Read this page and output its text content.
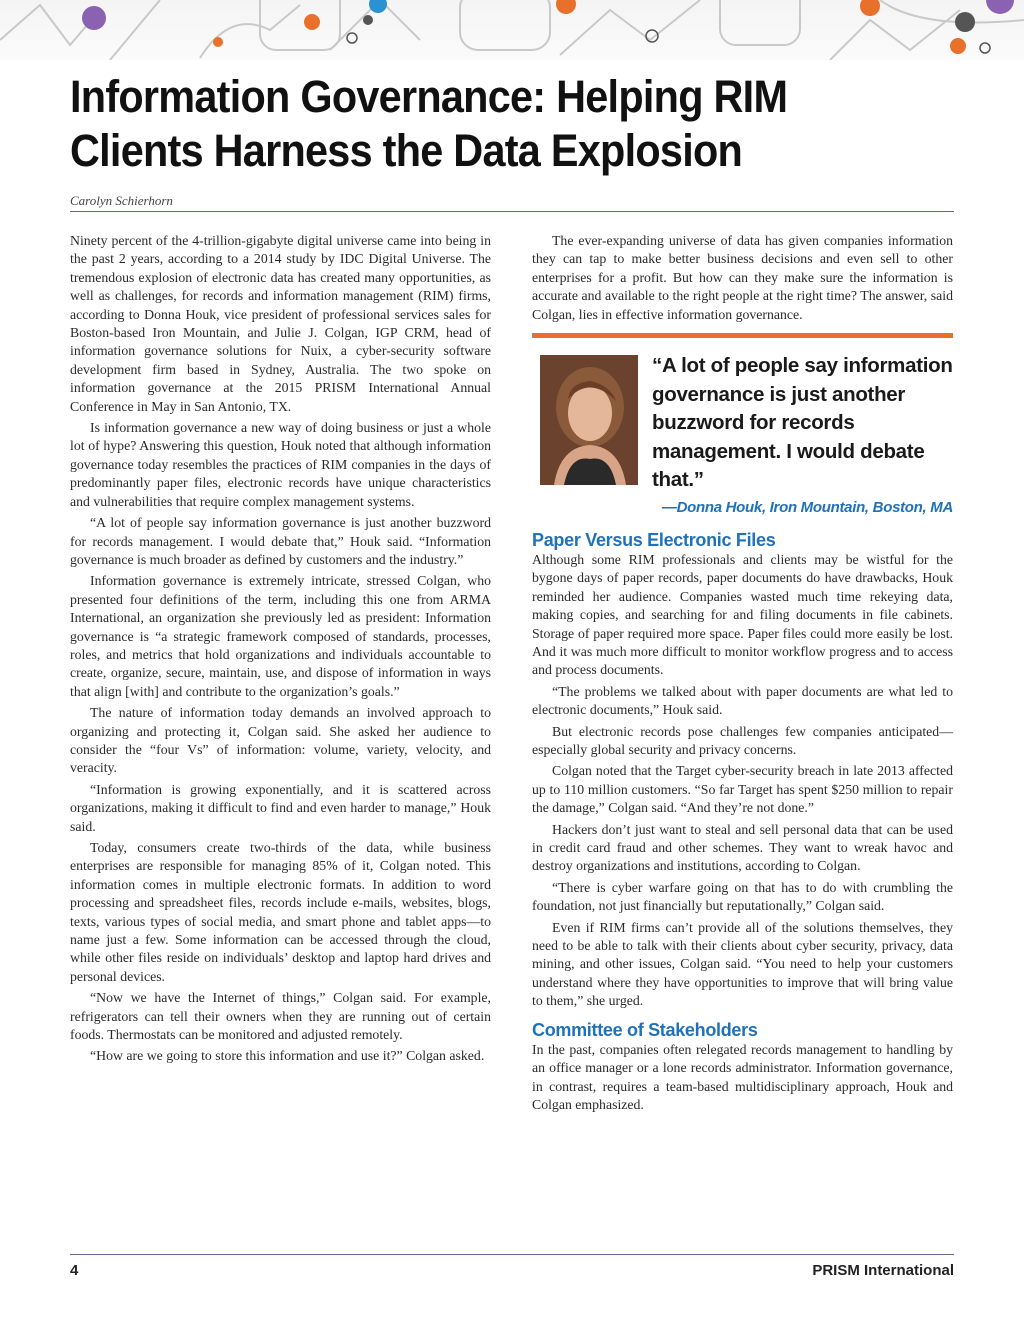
Information Governance: Helping RIM
Clients Harness the Data Explosion
Carolyn Schierhorn

Ninety percent of the 4-trillion-gigabyte digital universe came into being in the past 2 years, according to a 2014 study by IDC Digital Universe. The tremendous explosion of electronic data has created many opportunities, as well as challenges, for records and information management (RIM) firms, according to Donna Houk, vice president of professional services sales for Boston-based Iron Mountain, and Julie J. Colgan, IGP CRM, head of information governance solutions for Nuix, a cyber-security software development firm based in Sydney, Australia. The two spoke on information governance at the 2015 PRISM International Annual Conference in May in San Antonio, TX.

Is information governance a new way of doing business or just a whole lot of hype? Answering this question, Houk noted that although information governance today resembles the practices of RIM companies in the days of predominantly paper files, electronic records have unique characteristics and vulnerabilities that require complex management systems.

“A lot of people say information governance is just another buzzword for records management. I would debate that,” Houk said. “Information governance is much broader as defined by customers and the industry.”

Information governance is extremely intricate, stressed Colgan, who presented four definitions of the term, including this one from ARMA International, an organization she previously led as president: Information governance is “a strategic framework composed of standards, processes, roles, and metrics that hold organizations and individuals accountable to create, organize, secure, maintain, use, and dispose of information in ways that align [with] and contribute to the organization’s goals.”

The nature of information today demands an involved approach to organizing and protecting it, Colgan said. She asked her audience to consider the “four Vs” of information: volume, variety, velocity, and veracity.

“Information is growing exponentially, and it is scattered across organizations, making it difficult to find and even harder to manage,” Houk said.

Today, consumers create two-thirds of the data, while business enterprises are responsible for managing 85% of it, Colgan noted. This information comes in multiple electronic formats. In addition to word processing and spreadsheet files, records include e-mails, websites, blogs, texts, various types of social media, and smart phone and tablet apps—to name just a few. Some information can be accessed through the cloud, while other files reside on individuals’ desktop and laptop hard drives and personal devices.

“Now we have the Internet of things,” Colgan said. For example, refrigerators can tell their owners when they are running out of certain foods. Thermostats can be monitored and adjusted remotely.

“How are we going to store this information and use it?” Colgan asked.

The ever-expanding universe of data has given companies information they can tap to make better business decisions and even sell to other enterprises for a profit. But how can they make sure the information is accurate and available to the right people at the right time? The answer, said Colgan, lies in effective information governance.

“A lot of people say information governance is just another buzzword for records management. I would debate that.”
—Donna Houk, Iron Mountain, Boston, MA
Paper Versus Electronic Files

Although some RIM professionals and clients may be wistful for the bygone days of paper records, paper documents do have drawbacks, Houk reminded her audience. Companies wasted much time rekeying data, making copies, and searching for and filing documents in file cabinets. Storage of paper required more space. Paper files could more easily be lost. And it was much more difficult to monitor workflow progress and to access and process documents.

“The problems we talked about with paper documents are what led to electronic documents,” Houk said.

But electronic records pose challenges few companies anticipated—especially global security and privacy concerns.

Colgan noted that the Target cyber-security breach in late 2013 affected up to 110 million customers. “So far Target has spent $250 million to repair the damage,” Colgan said. “And they’re not done.”

Hackers don’t just want to steal and sell personal data that can be used in credit card fraud and other schemes. They want to wreak havoc and destroy organizations and institutions, according to Colgan.

“There is cyber warfare going on that has to do with crumbling the foundation, not just financially but reputationally,” Colgan said.

Even if RIM firms can’t provide all of the solutions themselves, they need to be able to talk with their clients about cyber security, privacy, data mining, and other issues, Colgan said. “You need to help your customers understand where they have opportunities to improve that will bring value to them,” she urged.

Committee of Stakeholders

In the past, companies often relegated records management to handling by an office manager or a lone records administrator. Information governance, in contrast, requires a team-based multidisciplinary approach, Houk and Colgan emphasized.

4	PRISM International
